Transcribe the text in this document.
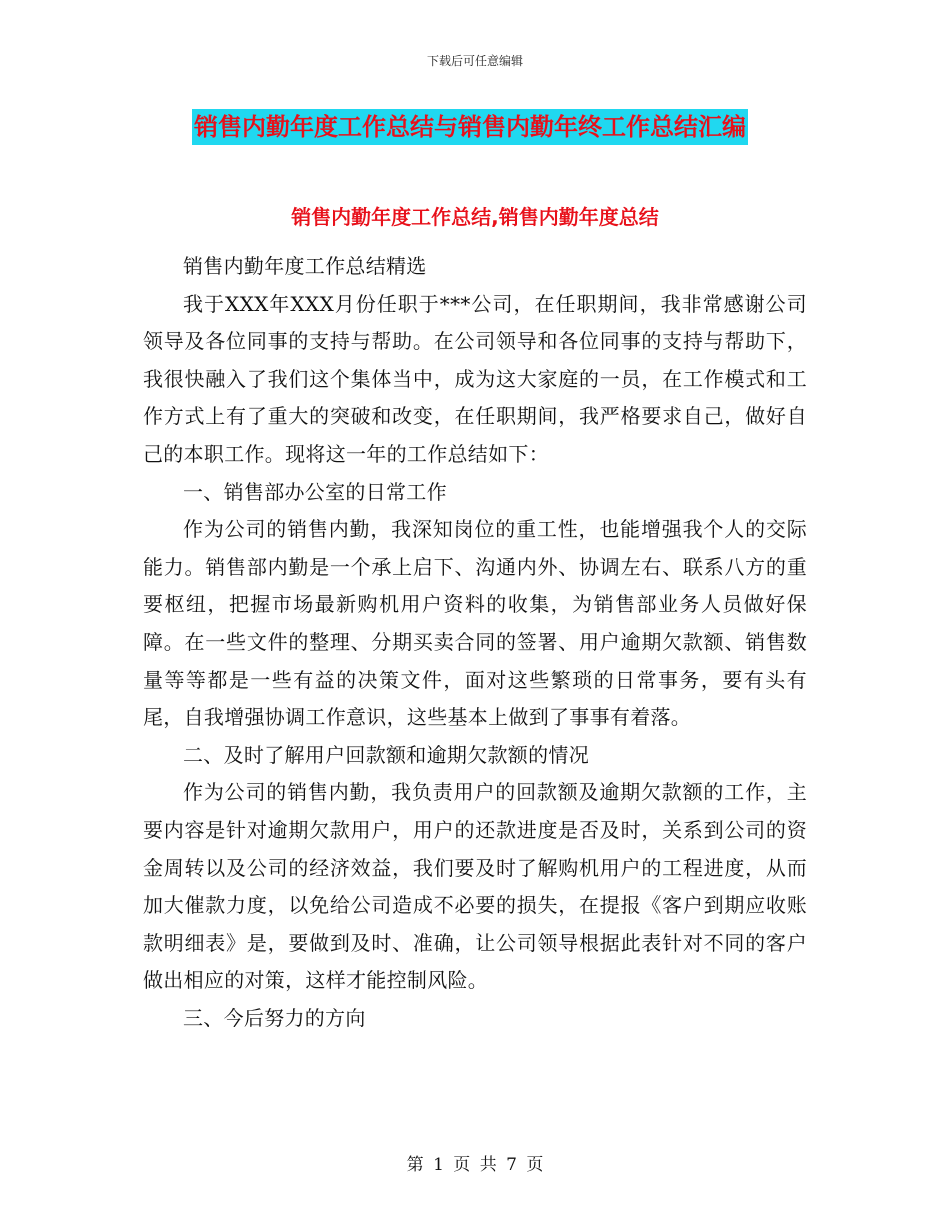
下载后可任意编辑
销售内勤年度工作总结与销售内勤年终工作总结汇编
销售内勤年度工作总结,销售内勤年度总结

销售内勤年度工作总结精选

我于XXX年XXX月份任职于***公司，在任职期间，我非常感谢公司领导及各位同事的支持与帮助。在公司领导和各位同事的支持与帮助下，我很快融入了我们这个集体当中，成为这大家庭的一员，在工作模式和工作方式上有了重大的突破和改变，在任职期间，我严格要求自己，做好自己的本职工作。现将这一年的工作总结如下：

一、销售部办公室的日常工作

作为公司的销售内勤，我深知岗位的重工性，也能增强我个人的交际能力。销售部内勤是一个承上启下、沟通内外、协调左右、联系八方的重要枢纽，把握市场最新购机用户资料的收集，为销售部业务人员做好保障。在一些文件的整理、分期买卖合同的签署、用户逾期欠款额、销售数量等等都是一些有益的决策文件，面对这些繁琐的日常事务，要有头有尾，自我增强协调工作意识，这些基本上做到了事事有着落。

二、及时了解用户回款额和逾期欠款额的情况

作为公司的销售内勤，我负责用户的回款额及逾期欠款额的工作，主要内容是针对逾期欠款用户，用户的还款进度是否及时，关系到公司的资金周转以及公司的经济效益，我们要及时了解购机用户的工程进度，从而加大催款力度，以免给公司造成不必要的损失，在提报《客户到期应收账款明细表》是，要做到及时、准确，让公司领导根据此表针对不同的客户做出相应的对策，这样才能控制风险。

三、今后努力的方向

第 1 页 共 7 页
